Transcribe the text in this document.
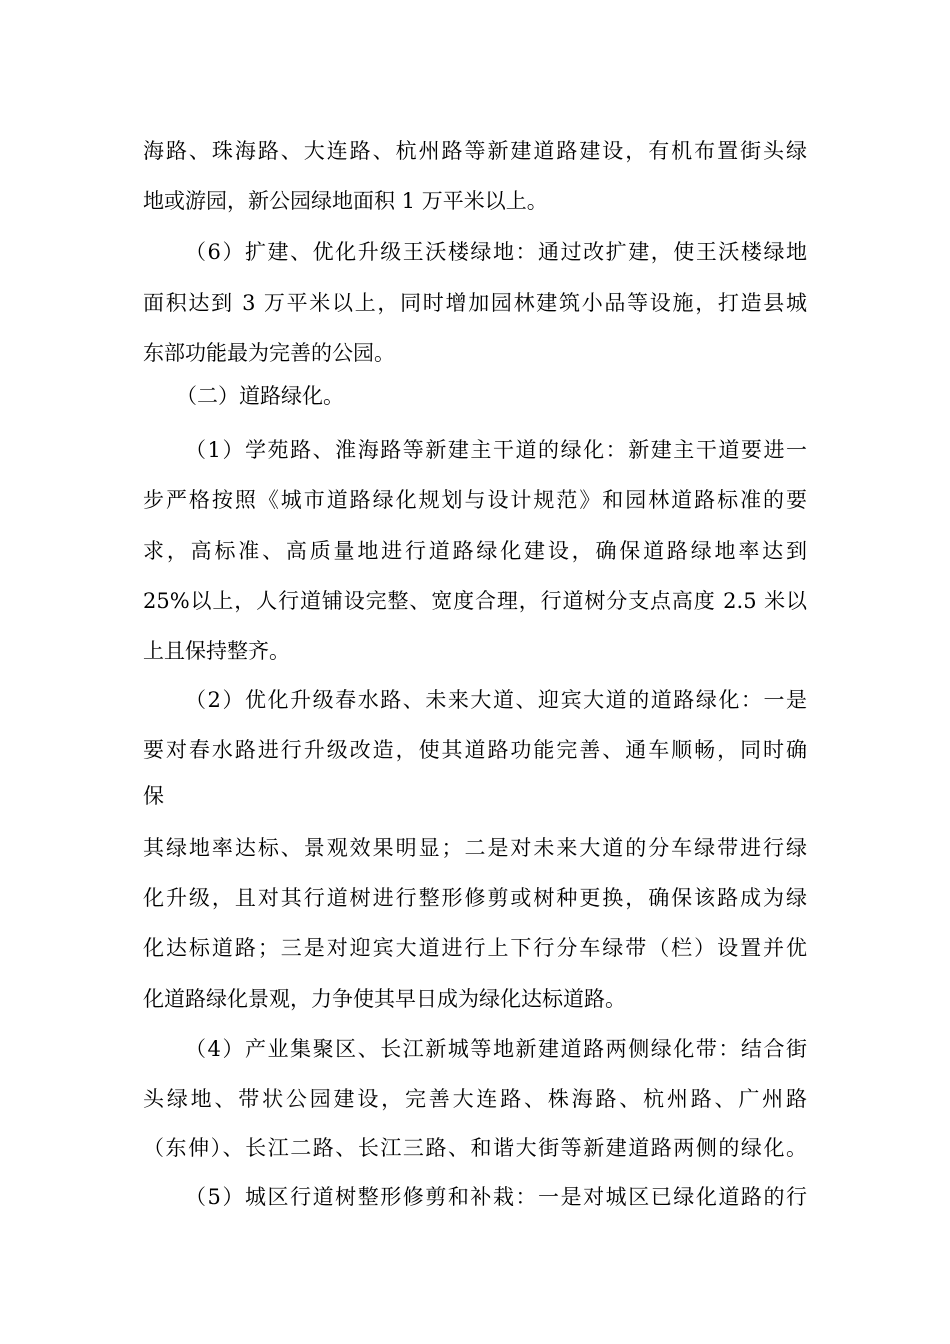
海路、珠海路、大连路、杭州路等新建道路建设，有机布置街头绿
地或游园，新公园绿地面积 1 万平米以上。
（6）扩建、优化升级王沃楼绿地：通过改扩建，使王沃楼绿地
面积达到 3 万平米以上，同时增加园林建筑小品等设施，打造县城
东部功能最为完善的公园。
（二）道路绿化。
（1）学苑路、淮海路等新建主干道的绿化：新建主干道要进一
步严格按照《城市道路绿化规划与设计规范》和园林道路标准的要
求，高标准、高质量地进行道路绿化建设，确保道路绿地率达到
25%以上，人行道铺设完整、宽度合理，行道树分支点高度 2.5 米以
上且保持整齐。
（2）优化升级春水路、未来大道、迎宾大道的道路绿化：一是
要对春水路进行升级改造，使其道路功能完善、通车顺畅，同时确
保
其绿地率达标、景观效果明显；二是对未来大道的分车绿带进行绿
化升级，且对其行道树进行整形修剪或树种更换，确保该路成为绿
化达标道路；三是对迎宾大道进行上下行分车绿带（栏）设置并优
化道路绿化景观，力争使其早日成为绿化达标道路。
（4）产业集聚区、长江新城等地新建道路两侧绿化带：结合街
头绿地、带状公园建设，完善大连路、株海路、杭州路、广州路
（东伸）、长江二路、长江三路、和谐大街等新建道路两侧的绿化。
（5）城区行道树整形修剪和补栽：一是对城区已绿化道路的行
